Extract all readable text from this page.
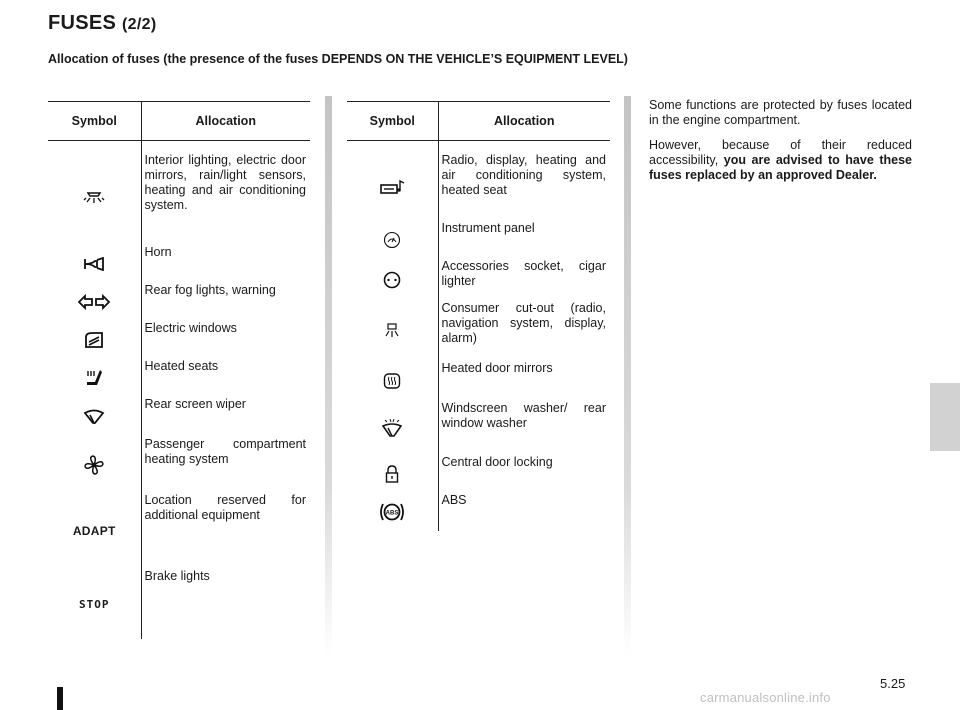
FUSES (2/2)
Allocation of fuses (the presence of the fuses DEPENDS ON THE VEHICLE’S EQUIPMENT LEVEL)
Symbol	Allocation

	Interior lighting, electric door mirrors, rain/light sensors, heating and air conditioning system.
	Horn
	Rear fog lights, warning
	Electric windows
	Heated seats
	Rear screen wiper
	Passenger compartment heating system
ADAPT	Location reserved for additional equipment
STOP	Brake lights
Symbol	Allocation

	Radio, display, heating and air conditioning system, heated seat
	Instrument panel
	Accessories socket, cigar lighter
	Consumer cut-out (radio, navigation system, display, alarm)
	Heated door mirrors
	Windscreen washer/ rear window washer
	Central door locking

ABS	ABS

Some functions are protected by fuses located in the engine compartment.

However, because of their reduced accessibility, you are advised to have these fuses replaced by an approved Dealer.

5.25
carmanualsonline.info
